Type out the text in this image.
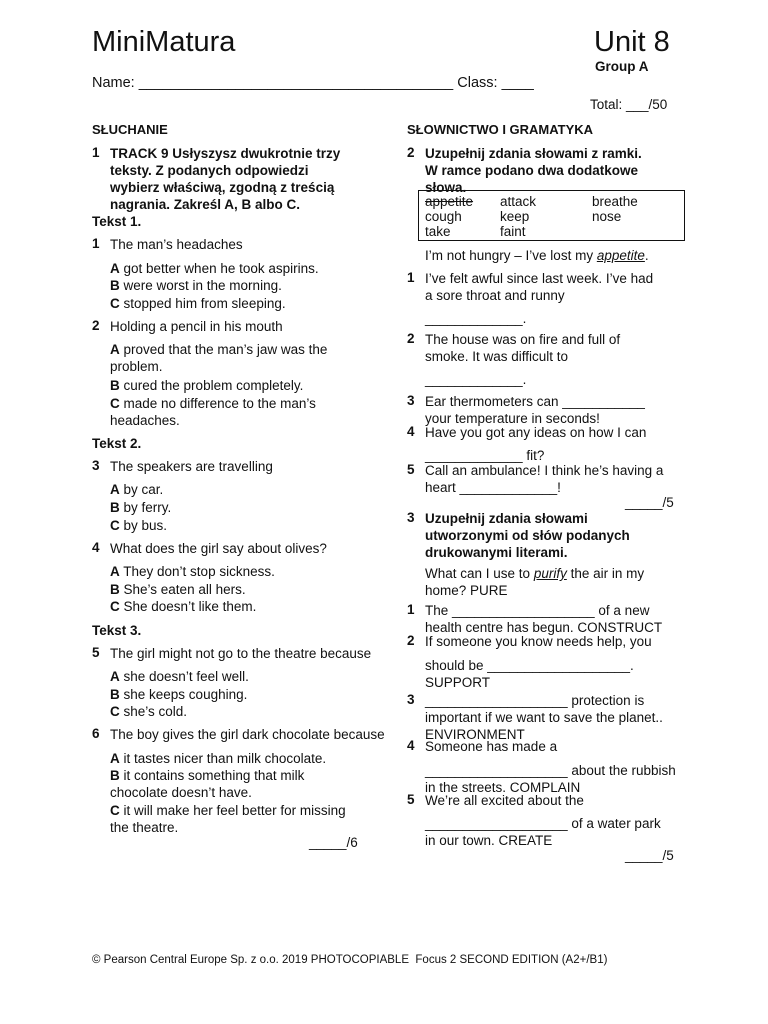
MiniMatura	Unit 8
Group A
Name: _______________________________________ Class: ____
Total: ___/50
SŁUCHANIE
1 TRACK 9 Usłyszysz dwukrotnie trzy
teksty. Z podanych odpowiedzi
wybierz właściwą, zgodną z treścią
nagrania. Zakreśl A, B albo C.
Tekst 1.
1 The man’s headaches
A got better when he took aspirins.
B were worst in the morning.
C stopped him from sleeping.
2 Holding a pencil in his mouth
A proved that the man’s jaw was the
problem.
B cured the problem completely.
C made no difference to the man’s
headaches.
Tekst 2.
3 The speakers are travelling
A by car.
B by ferry.
C by bus.
4 What does the girl say about olives?
A They don’t stop sickness.
B She’s eaten all hers.
C She doesn’t like them.
Tekst 3.
5 The girl might not go to the theatre because
A she doesn’t feel well.
B she keeps coughing.
C she’s cold.
6 The boy gives the girl dark chocolate because
A it tastes nicer than milk chocolate.
B it contains something that milk
chocolate doesn’t have.
C it will make her feel better for missing
the theatre.
_____/6
SŁOWNICTWO I GRAMATYKA
2 Uzupełnij zdania słowami z ramki.
W ramce podano dwa dodatkowe
słowa.
appetite attack	breathe
cough	keep	nose
take	faint
I’m not hungry – I’ve lost my appetite.
1 I’ve felt awful since last week. I’ve had
a sore throat and runny
_____________.
2 The house was on fire and full of
smoke. It was difficult to
_____________.
3 Ear thermometers can ___________
your temperature in seconds!
4 Have you got any ideas on how I can
_____________ fit?
5 Call an ambulance! I think he’s having a
heart _____________!
_____/5
3 Uzupełnij zdania słowami
utworzonymi od słów podanych
drukowanymi literami.
What can I use to purify the air in my
home? PURE
1 The ___________________ of a new
health centre has begun. CONSTRUCT
2 If someone you know needs help, you
should be ___________________.
SUPPORT
3 ___________________ protection is
important if we want to save the planet..
ENVIRONMENT
4 Someone has made a
___________________ about the rubbish
in the streets. COMPLAIN
5 We’re all excited about the
___________________ of a water park
in our town. CREATE
_____/5
© Pearson Central Europe Sp. z o.o. 2019 PHOTOCOPIABLE  Focus 2 SECOND EDITION (A2+/B1)
